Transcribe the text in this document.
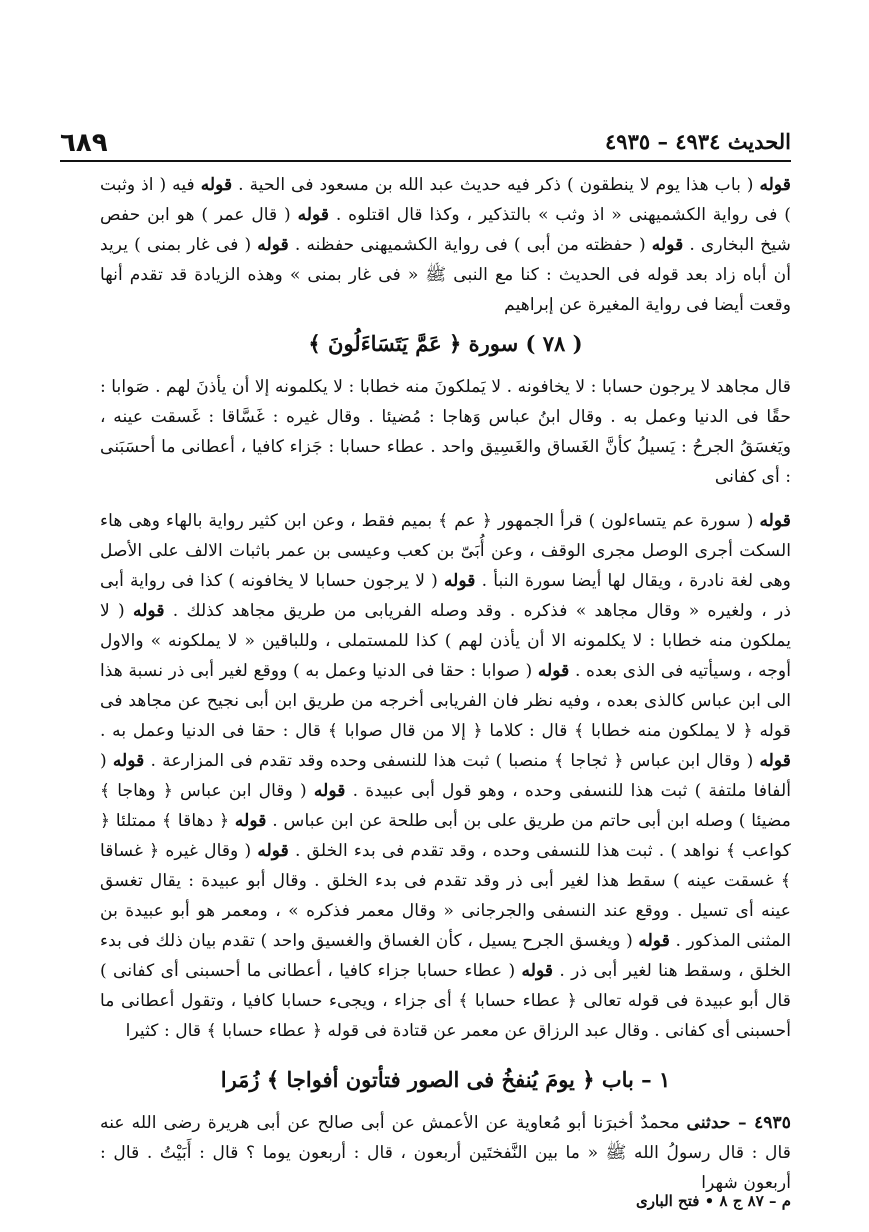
الحديث ٤٩٣٤ – ٤٩٣٥
٦٨٩

قوله ( باب هذا يوم لا ينطقون ) ذكر فيه حديث عبد الله بن مسعود فى الحية . قوله فيه ( اذ وثبت ) فى رواية الكشميهنى « اذ وثب » بالتذكير ، وكذا قال اقتلوه . قوله ( قال عمر ) هو ابن حفص شيخ البخارى . قوله ( حفظته من أبى ) فى رواية الكشميهنى حفظنه . قوله ( فى غار بمنى ) يريد أن أباه زاد بعد قوله فى الحديث : كنا مع النبى ﷺ « فى غار بمنى » وهذه الزيادة قد تقدم أنها وقعت أيضا فى رواية المغيرة عن إبراهيم

( ٧٨ ) سورة ﴿ عَمَّ يَتَسَاءَلُونَ ﴾

قال مجاهد لا يرجون حسابا : لا يخافونه . لا يَملكونَ منه خطابا : لا يكلمونه إلا أن يأذنَ لهم . صَوابا : حقًا فى الدنيا وعمل به . وقال ابنُ عباس وَهاجا : مُضيئا . وقال غيره : غَسَّاقا : غَسقت عينه ، ويَغسَقُ الجرحُ : يَسيلُ كأنَّ الغَساق والغَسِيق واحد . عطاء حسابا : جَزاء كافيا ، أعطانى ما أحسَبَنى : أى كفانى

قوله ( سورة عم يتساءلون ) قرأ الجمهور ﴿ عم ﴾ بميم فقط ، وعن ابن كثير رواية بالهاء وهى هاء السكت أجرى الوصل مجرى الوقف ، وعن أُبَىّ بن كعب وعيسى بن عمر باثبات الالف على الأصل وهى لغة نادرة ، ويقال لها أيضا سورة النبأ . قوله ( لا يرجون حسابا لا يخافونه ) كذا فى رواية أبى ذر ، ولغيره « وقال مجاهد » فذكره . وقد وصله الفريابى من طريق مجاهد كذلك . قوله ( لا يملكون منه خطابا : لا يكلمونه الا أن يأذن لهم ) كذا للمستملى ، وللباقين « لا يملكونه » والاول أوجه ، وسيأتيه فى الذى بعده . قوله ( صوابا : حقا فى الدنيا وعمل به ) ووقع لغير أبى ذر نسبة هذا الى ابن عباس كالذى بعده ، وفيه نظر فان الفريابى أخرجه من طريق ابن أبى نجيح عن مجاهد فى قوله ﴿ لا يملكون منه خطابا ﴾ قال : كلاما ﴿ إلا من قال صوابا ﴾ قال : حقا فى الدنيا وعمل به . قوله ( وقال ابن عباس ﴿ ثجاجا ﴾ منصبا ) ثبت هذا للنسفى وحده وقد تقدم فى المزارعة . قوله ( ألفافا ملتفة ) ثبت هذا للنسفى وحده ، وهو قول أبى عبيدة . قوله ( وقال ابن عباس ﴿ وهاجا ﴾ مضيئا ) وصله ابن أبى حاتم من طريق على بن أبى طلحة عن ابن عباس . قوله ﴿ دهاقا ﴾ ممتلئا ﴿ كواعب ﴾ نواهد ) . ثبت هذا للنسفى وحده ، وقد تقدم فى بدء الخلق . قوله ( وقال غيره ﴿ غساقا ﴾ غسقت عينه ) سقط هذا لغير أبى ذر وقد تقدم فى بدء الخلق . وقال أبو عبيدة : يقال تغسق عينه أى تسيل . ووقع عند النسفى والجرجانى « وقال معمر فذكره » ، ومعمر هو أبو عبيدة بن المثنى المذكور . قوله ( ويغسق الجرح يسيل ، كأن الغساق والغسيق واحد ) تقدم بيان ذلك فى بدء الخلق ، وسقط هنا لغير أبى ذر . قوله ( عطاء حسابا جزاء كافيا ، أعطانى ما أحسبنى أى كفانى ) قال أبو عبيدة فى قوله تعالى ﴿ عطاء حسابا ﴾ أى جزاء ، ويجىء حسابا كافيا ، وتقول أعطانى ما أحسبنى أى كفانى . وقال عبد الرزاق عن معمر عن قتادة فى قوله ﴿ عطاء حسابا ﴾ قال : كثيرا

١ – باب ﴿ يومَ يُنفخُ فى الصور فتأتون أفواجا ﴾ زُمَرا

٤٩٣٥ – حدثنى محمدٌ أخبرَنا أبو مُعاوية عن الأعمش عن أبى صالح عن أبى هريرة رضى الله عنه قال : قال رسولُ الله ﷺ « ما بين النَّفختَين أربعون ، قال : أربعون يوما ؟ قال : أَبَيْتُ . قال : أربعون شهرا

م – ٨٧ ج ٨ • فتح البارى
